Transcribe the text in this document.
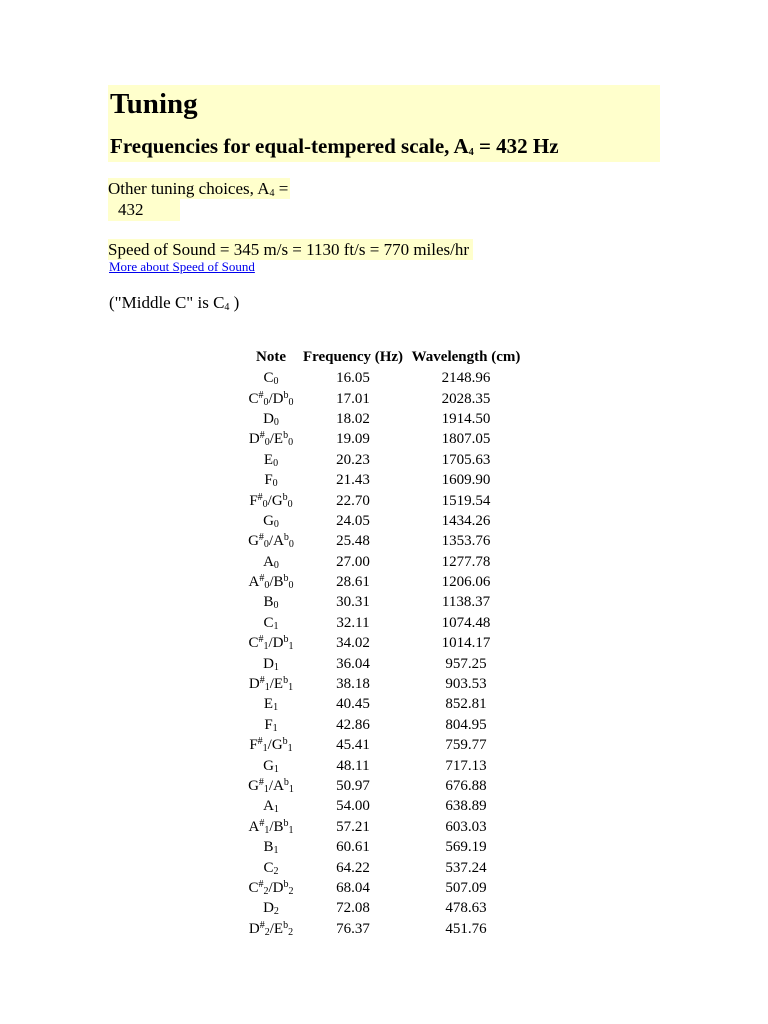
Tuning
Frequencies for equal-tempered scale, $A_4 = 432$ Hz
Other tuning choices, $A_4$ =
432
Speed of Sound = 345 m/s = 1130 ft/s = 770 miles/hr
More about Speed of Sound
("Middle C" is $C_4$ )
Note	Frequency (Hz)	Wavelength (cm)
$C_0$	16.05	2148.96
$C^{\#}_0/D^b_0$	17.01	2028.35
$D_0$	18.02	1914.50
$D^{\#}_0/E^b_0$	19.09	1807.05
$E_0$	20.23	1705.63
$F_0$	21.43	1609.90
$F^{\#}_0/G^b_0$	22.70	1519.54
$G_0$	24.05	1434.26
$G^{\#}_0/A^b_0$	25.48	1353.76
$A_0$	27.00	1277.78
$A^{\#}_0/B^b_0$	28.61	1206.06
$B_0$	30.31	1138.37
$C_1$	32.11	1074.48
$C^{\#}_1/D^b_1$	34.02	1014.17
$D_1$	36.04	957.25
$D^{\#}_1/E^b_1$	38.18	903.53
$E_1$	40.45	852.81
$F_1$	42.86	804.95
$F^{\#}_1/G^b_1$	45.41	759.77
$G_1$	48.11	717.13
$G^{\#}_1/A^b_1$	50.97	676.88
$A_1$	54.00	638.89
$A^{\#}_1/B^b_1$	57.21	603.03
$B_1$	60.61	569.19
$C_2$	64.22	537.24
$C^{\#}_2/D^b_2$	68.04	507.09
$D_2$	72.08	478.63
$D^{\#}_2/E^b_2$	76.37	451.76
